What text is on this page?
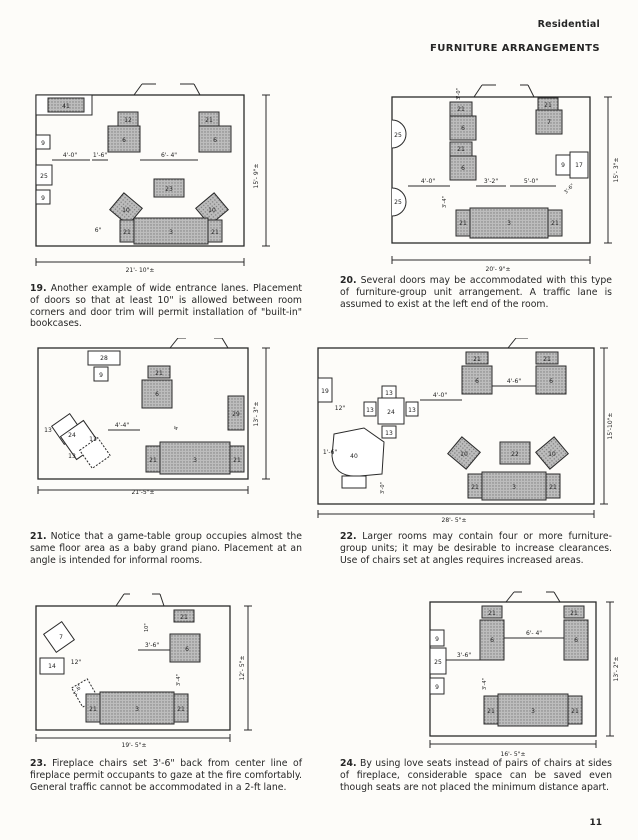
Residential
FURNITURE ARRANGEMENTS
41
12
6
21
6
9
25
9
23
10	10
21	3	21
4'-0"	1'-6"	6'- 4"
6"
21'- 10"±
15'- 9"±
19. Another example of wide entrance lanes. Placement of doors so that at least 10" is allowed between room corners and door trim will permit installation of "built-in" bookcases.
25
25
21
6
21
6
21
7
9 17
21	3	21
4'-0"	3'-2"	5'-0"
20'- 9"±
3'-0"
3'-4"
3'-6"
15'- 3"±
20. Several doors may be accommodated with this type of furniture-group unit arrangement. A traffic lane is assumed to exist at the left end of the room.
28
9	21
6
29
13
24
13
13
21	3	21
4'-4"
21'-5"±
4'
13'- 3"±
21. Notice that a game-table group occupies almost the same floor area as a baby grand piano. Placement at an angle is intended for informal rooms.
19	13
13 24 13
13
21
6
21
6
40	22
10	10
21	3	21
4'-0"
4'-6"
12"
1'-6"
28'- 5"±
3'-0"
15'-10"±
22. Larger rooms may contain four or more furniture-group units; it may be desirable to increase clearances. Use of chairs set at angles requires increased areas.
21
7
6
14
21	3	21
3'-6"
12"
19'- 5"±
10"
3'-4"
1'-6"
12'- 5"±
23. Fireplace chairs set 3'-6" back from center line of fireplace permit occupants to gaze at the fire comfortably. General traffic cannot be accommodated in a 2-ft lane.
21
6
21
6
9
25
9
21	3	21
6'- 4"
3'-6"
16'- 5"±
3'-4"
13'- 2"±
24. By using love seats instead of pairs of chairs at sides of fireplace, considerable space can be saved even though seats are not placed the minimum distance apart.
11
